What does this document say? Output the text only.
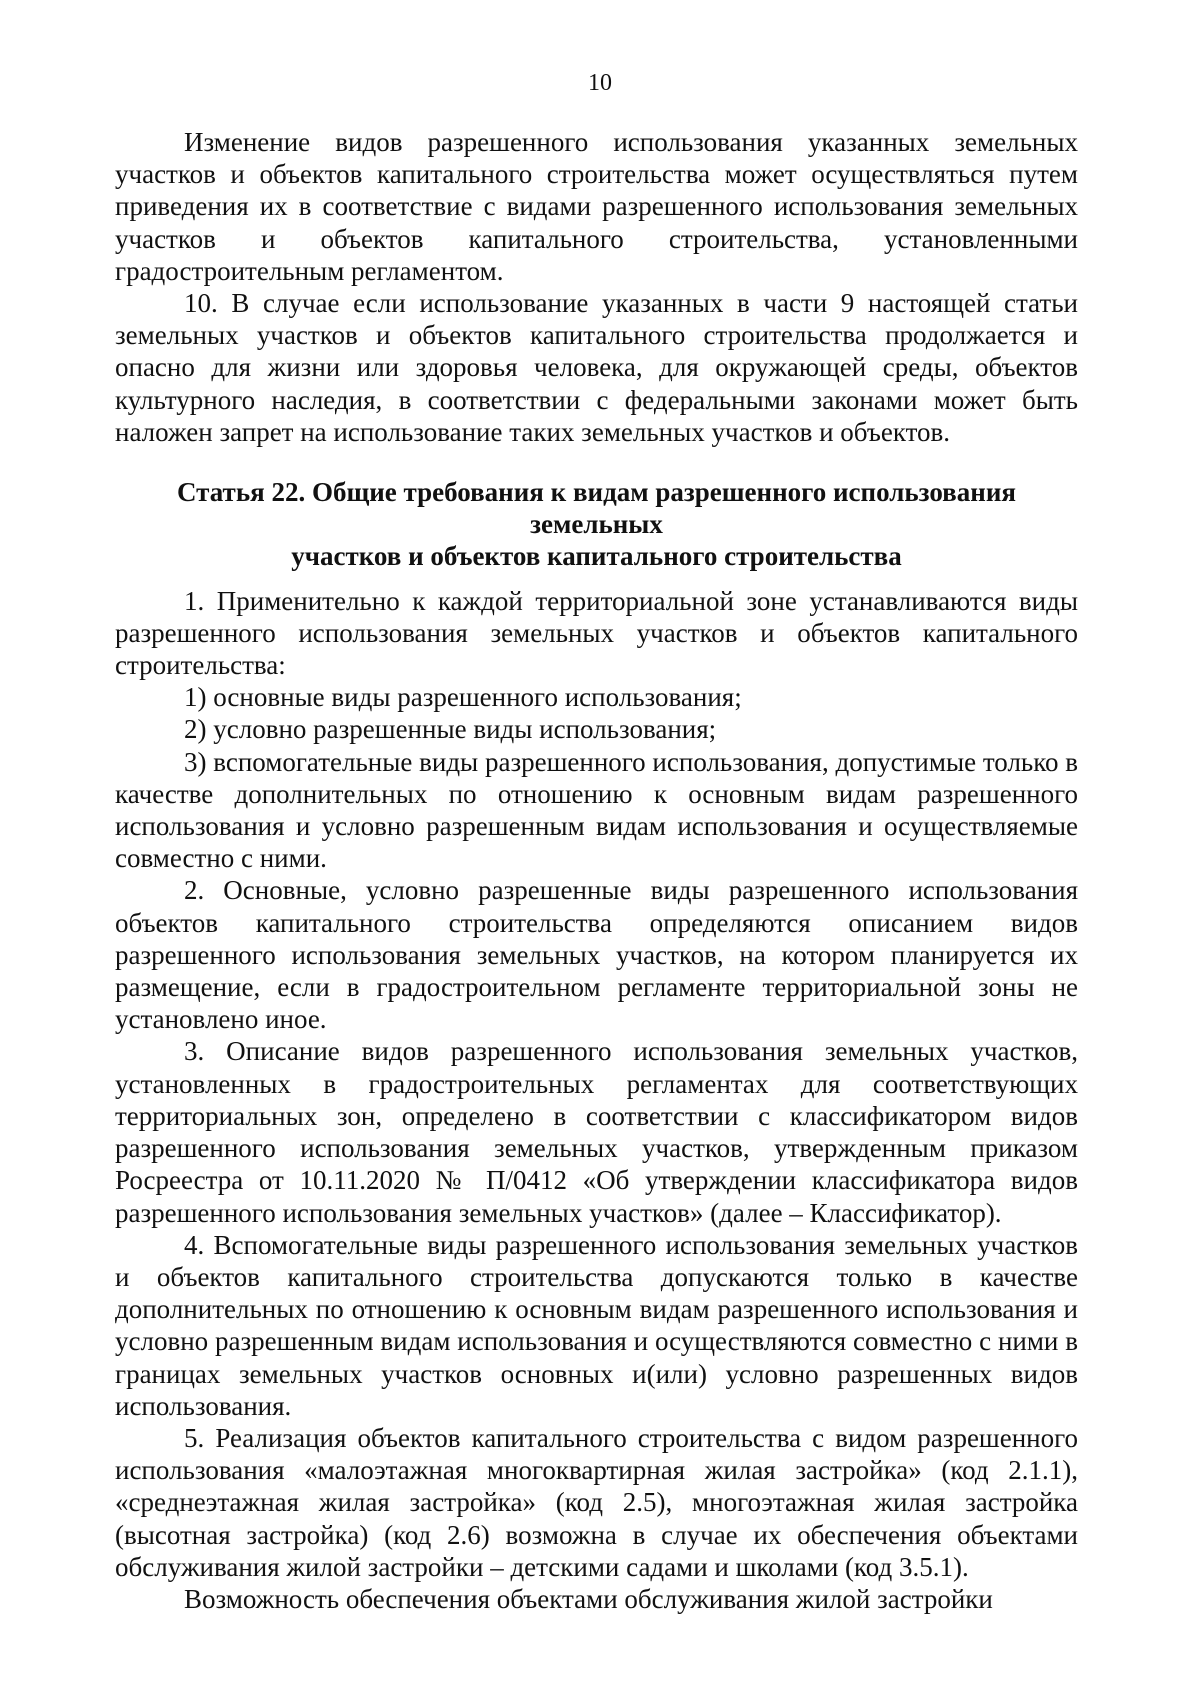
10

Изменение видов разрешенного использования указанных земельных участков и объектов капитального строительства может осуществляться путем приведения их в соответствие с видами разрешенного использования земельных участков и объектов капитального строительства, установленными градостроительным регламентом.

10. В случае если использование указанных в части 9 настоящей статьи земельных участков и объектов капитального строительства продолжается и опасно для жизни или здоровья человека, для окружающей среды, объектов культурного наследия, в соответствии с федеральными законами может быть наложен запрет на использование таких земельных участков и объектов.

Статья 22. Общие требования к видам разрешенного использования земельных
участков и объектов капитального строительства

1. Применительно к каждой территориальной зоне устанавливаются виды разрешенного использования земельных участков и объектов капитального строительства:

1) основные виды разрешенного использования;

2) условно разрешенные виды использования;

3) вспомогательные виды разрешенного использования, допустимые только в качестве дополнительных по отношению к основным видам разрешенного использования и условно разрешенным видам использования и осуществляемые совместно с ними.

2. Основные, условно разрешенные виды разрешенного использования объектов капитального строительства определяются описанием видов разрешенного использования земельных участков, на котором планируется их размещение, если в градостроительном регламенте территориальной зоны не установлено иное.

3. Описание видов разрешенного использования земельных участков, установленных в градостроительных регламентах для соответствующих территориальных зон, определено в соответствии с классификатором видов разрешенного использования земельных участков, утвержденным приказом Росреестра от 10.11.2020 № П/0412 «Об утверждении классификатора видов разрешенного использования земельных участков» (далее – Классификатор).

4. Вспомогательные виды разрешенного использования земельных участков и объектов капитального строительства допускаются только в качестве дополнительных по отношению к основным видам разрешенного использования и условно разрешенным видам использования и осуществляются совместно с ними в границах земельных участков основных и(или) условно разрешенных видов использования.

5. Реализация объектов капитального строительства с видом разрешенного использования «малоэтажная многоквартирная жилая застройка» (код 2.1.1), «среднеэтажная жилая застройка» (код 2.5), многоэтажная жилая застройка (высотная застройка) (код 2.6) возможна в случае их обеспечения объектами обслуживания жилой застройки – детскими садами и школами (код 3.5.1).

Возможность обеспечения объектами обслуживания жилой застройки
